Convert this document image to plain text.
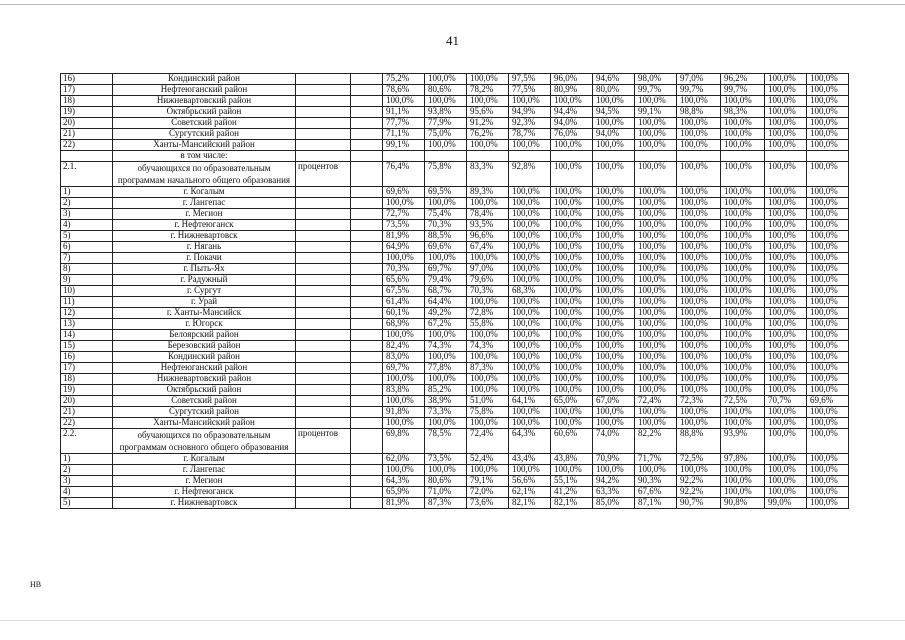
41
16)	Кондинский район			75,2%	100,0%	100,0%	97,5%	96,0%	94,6%	98,0%	97,0%	96,2%	100,0%	100,0%
17)	Нефтеюганский район			78,6%	80,6%	78,2%	77,5%	80,9%	80,0%	99,7%	99,7%	99,7%	100,0%	100,0%
18)	Нижневартовский район			100,0%	100,0%	100,0%	100,0%	100,0%	100,0%	100,0%	100,0%	100,0%	100,0%	100,0%
19)	Октябрьский район			91,1%	93,8%	95,6%	94,9%	94,4%	94,5%	99,1%	98,8%	98,3%	100,0%	100,0%
20)	Советский район			77,7%	77,9%	91,2%	92,3%	94,0%	100,0%	100,0%	100,0%	100,0%	100,0%	100,0%
21)	Сургутский район			71,1%	75,0%	76,2%	78,7%	76,0%	94,0%	100,0%	100,0%	100,0%	100,0%	100,0%
22)	Ханты-Мансийский район			99,1%	100,0%	100,0%	100,0%	100,0%	100,0%	100,0%	100,0%	100,0%	100,0%	100,0%
	в том числе:													
2.1.	обучающихся по образовательным программам начального общего образования	процентов		76,4%	75,8%	83,3%	92,8%	100,0%	100,0%	100,0%	100,0%	100,0%	100,0%	100,0%
1)	г. Когалым			69,6%	69,5%	89,3%	100,0%	100,0%	100,0%	100,0%	100,0%	100,0%	100,0%	100,0%
2)	г. Лангепас			100,0%	100,0%	100,0%	100,0%	100,0%	100,0%	100,0%	100,0%	100,0%	100,0%	100,0%
3)	г. Мегион			72,7%	75,4%	78,4%	100,0%	100,0%	100,0%	100,0%	100,0%	100,0%	100,0%	100,0%
4)	г. Нефтеюганск			73,5%	70,3%	93,5%	100,0%	100,0%	100,0%	100,0%	100,0%	100,0%	100,0%	100,0%
5)	г. Нижневартовск			81,9%	88,5%	96,6%	100,0%	100,0%	100,0%	100,0%	100,0%	100,0%	100,0%	100,0%
6)	г. Нягань			64,9%	69,6%	67,4%	100,0%	100,0%	100,0%	100,0%	100,0%	100,0%	100,0%	100,0%
7)	г. Покачи			100,0%	100,0%	100,0%	100,0%	100,0%	100,0%	100,0%	100,0%	100,0%	100,0%	100,0%
8)	г. Пыть-Ях			70,3%	69,7%	97,0%	100,0%	100,0%	100,0%	100,0%	100,0%	100,0%	100,0%	100,0%
9)	г. Радужный			65,6%	79,4%	79,6%	100,0%	100,0%	100,0%	100,0%	100,0%	100,0%	100,0%	100,0%
10)	г. Сургут			67,5%	68,7%	70,3%	68,3%	100,0%	100,0%	100,0%	100,0%	100,0%	100,0%	100,0%
11)	г. Урай			61,4%	64,4%	100,0%	100,0%	100,0%	100,0%	100,0%	100,0%	100,0%	100,0%	100,0%
12)	г. Ханты-Мансийск			60,1%	49,2%	72,8%	100,0%	100,0%	100,0%	100,0%	100,0%	100,0%	100,0%	100,0%
13)	г. Югорск			68,9%	67,2%	55,8%	100,0%	100,0%	100,0%	100,0%	100,0%	100,0%	100,0%	100,0%
14)	Белоярский район			100,0%	100,0%	100,0%	100,0%	100,0%	100,0%	100,0%	100,0%	100,0%	100,0%	100,0%
15)	Березовский район			82,4%	74,3%	74,3%	100,0%	100,0%	100,0%	100,0%	100,0%	100,0%	100,0%	100,0%
16)	Кондинский район			83,0%	100,0%	100,0%	100,0%	100,0%	100,0%	100,0%	100,0%	100,0%	100,0%	100,0%
17)	Нефтеюганский район			69,7%	77,8%	87,3%	100,0%	100,0%	100,0%	100,0%	100,0%	100,0%	100,0%	100,0%
18)	Нижневартовский район			100,0%	100,0%	100,0%	100,0%	100,0%	100,0%	100,0%	100,0%	100,0%	100,0%	100,0%
19)	Октябрьский район			83,8%	85,2%	100,0%	100,0%	100,0%	100,0%	100,0%	100,0%	100,0%	100,0%	100,0%
20)	Советский район			100,0%	38,9%	51,0%	64,1%	65,0%	67,0%	72,4%	72,3%	72,5%	70,7%	69,6%
21)	Сургутский район			91,8%	73,3%	75,8%	100,0%	100,0%	100,0%	100,0%	100,0%	100,0%	100,0%	100,0%
22)	Ханты-Мансийский район			100,0%	100,0%	100,0%	100,0%	100,0%	100,0%	100,0%	100,0%	100,0%	100,0%	100,0%
2.2.	обучающихся по образовательным программам основного общего образования	процентов		69,8%	78,5%	72,4%	64,3%	60,6%	74,0%	82,2%	88,8%	93,9%	100,0%	100,0%
1)	г. Когалым			62,0%	73,5%	52,4%	43,4%	43,8%	70,9%	71,7%	72,5%	97,8%	100,0%	100,0%
2)	г. Лангепас			100,0%	100,0%	100,0%	100,0%	100,0%	100,0%	100,0%	100,0%	100,0%	100,0%	100,0%
3)	г. Мегион			64,3%	80,6%	79,1%	56,6%	55,1%	94,2%	90,3%	92,2%	100,0%	100,0%	100,0%
4)	г. Нефтеюганск			65,9%	71,0%	72,0%	62,1%	41,2%	63,3%	67,6%	92,2%	100,0%	100,0%	100,0%
5)	г. Нижневартовск			81,9%	87,3%	73,6%	82,1%	82,1%	85,0%	87,1%	90,7%	90,8%	99,0%	100,0%
НВ
